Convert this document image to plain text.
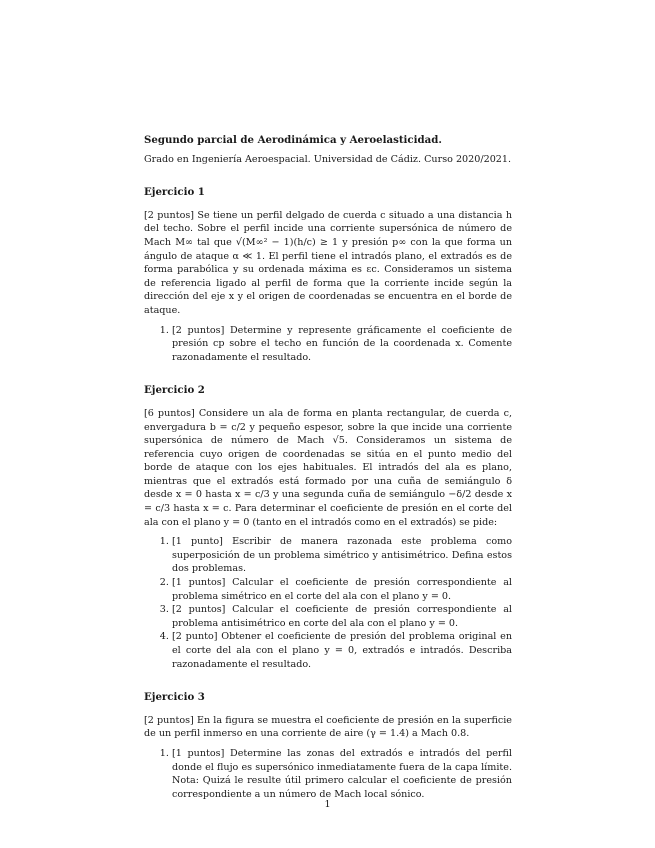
Segundo parcial de Aerodinámica y Aeroelasticidad.

Grado en Ingeniería Aeroespacial. Universidad de Cádiz. Curso 2020/2021.

Ejercicio 1

[2 puntos] Se tiene un perfil delgado de cuerda c situado a una distancia h del techo. Sobre el perfil incide una corriente supersónica de número de Mach M∞ tal que √(M∞² − 1)(h/c) ≥ 1 y presión p∞ con la que forma un ángulo de ataque α ≪ 1. El perfil tiene el intradós plano, el extradós es de forma parabólica y su ordenada máxima es εc. Consideramos un sistema de referencia ligado al perfil de forma que la corriente incide según la dirección del eje x y el origen de coordenadas se encuentra en el borde de ataque.

1. [2 puntos] Determine y represente gráficamente el coeficiente de presión cp sobre el techo en función de la coordenada x. Comente razonadamente el resultado.

Ejercicio 2

[6 puntos] Considere un ala de forma en planta rectangular, de cuerda c, envergadura b = c/2 y pequeño espesor, sobre la que incide una corriente supersónica de número de Mach √5. Consideramos un sistema de referencia cuyo origen de coordenadas se sitúa en el punto medio del borde de ataque con los ejes habituales. El intradós del ala es plano, mientras que el extradós está formado por una cuña de semiángulo δ desde x = 0 hasta x = c/3 y una segunda cuña de semiángulo −δ/2 desde x = c/3 hasta x = c. Para determinar el coeficiente de presión en el corte del ala con el plano y = 0 (tanto en el intradós como en el extradós) se pide:

1. [1 punto] Escribir de manera razonada este problema como superposición de un problema simétrico y antisimétrico. Defina estos dos problemas.
2. [1 puntos] Calcular el coeficiente de presión correspondiente al problema simétrico en el corte del ala con el plano y = 0.
3. [2 puntos] Calcular el coeficiente de presión correspondiente al problema antisimétrico en corte del ala con el plano y = 0.
4. [2 punto] Obtener el coeficiente de presión del problema original en el corte del ala con el plano y = 0, extradós e intradós. Describa razonadamente el resultado.

Ejercicio 3

[2 puntos] En la figura se muestra el coeficiente de presión en la superficie de un perfil inmerso en una corriente de aire (γ = 1.4) a Mach 0.8.

1. [1 puntos] Determine las zonas del extradós e intradós del perfil donde el flujo es supersónico inmediatamente fuera de la capa límite. Nota: Quizá le resulte útil primero calcular el coeficiente de presión correspondiente a un número de Mach local sónico.
1
